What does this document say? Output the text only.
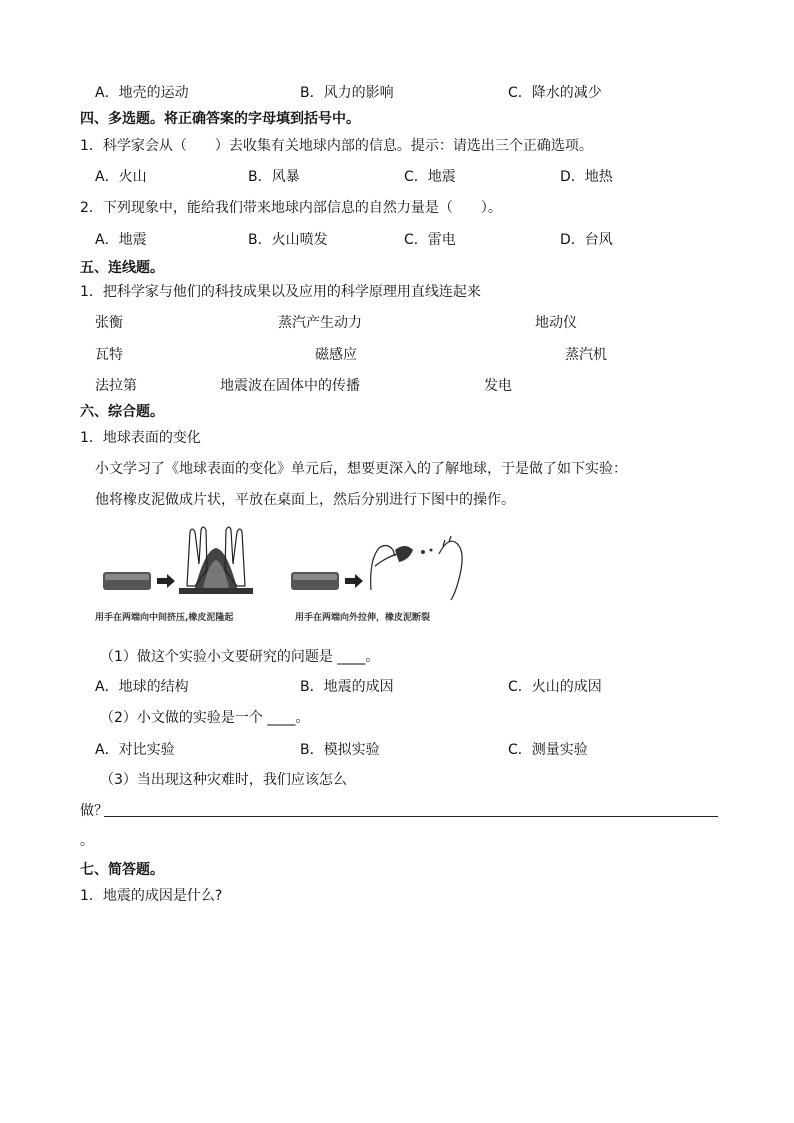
A．地壳的运动	B．风力的影响	C．降水的减少
四、多选题。将正确答案的字母填到括号中。
1．科学家会从（　　）去收集有关地球内部的信息。提示：请选出三个正确选项。
A．火山	B．风暴	C．地震	D．地热
2．下列现象中，能给我们带来地球内部信息的自然力量是（　　）。
A．地震	B．火山喷发	C．雷电	D．台风
五、连线题。
1．把科学家与他们的科技成果以及应用的科学原理用直线连起来
张衡	蒸汽产生动力	地动仪
瓦特	磁感应	蒸汽机
法拉第	地震波在固体中的传播	发电
六、综合题。
1．地球表面的变化
小文学习了《地球表面的变化》单元后，想要更深入的了解地球，于是做了如下实验：
他将橡皮泥做成片状，平放在桌面上，然后分别进行下图中的操作。
用手在两端向中间挤压,橡皮泥隆起	用手在两端向外拉伸，橡皮泥断裂
（1）做这个实验小文要研究的问题是 ____。
A．地球的结构	B．地震的成因	C．火山的成因
（2）小文做的实验是一个 ____。
A．对比实验	B．模拟实验	C．测量实验
（3）当出现这种灾难时，我们应该怎么
做？
。
七、简答题。
1．地震的成因是什么?
